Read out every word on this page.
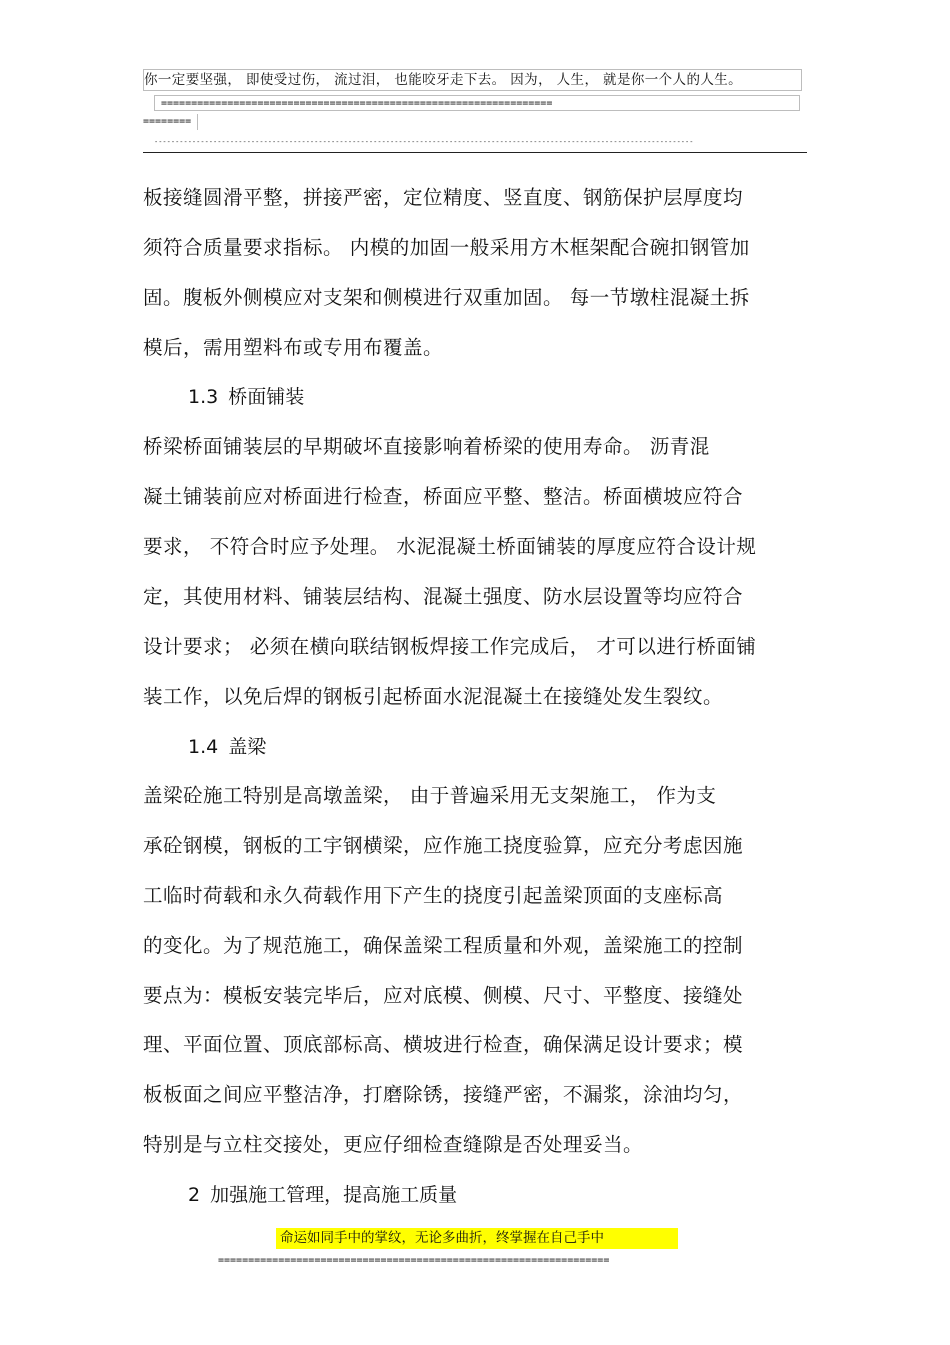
你一定要坚强， 即使受过伤， 流过泪， 也能咬牙走下去。 因为， 人生， 就是你一个人的人生。
=================================================================
========
--------------------------------------------------------------------------------------------------------------------------------
板接缝圆滑平整，拼接严密，定位精度、竖直度、钢筋保护层厚度均
须符合质量要求指标。 内模的加固一般采用方木框架配合碗扣钢管加
固。腹板外侧模应对支架和侧模进行双重加固。 每一节墩柱混凝土拆
模后，需用塑料布或专用布覆盖。
1.3 桥面铺装
桥梁桥面铺装层的早期破坏直接影响着桥梁的使用寿命。 沥青混
凝土铺装前应对桥面进行检查，桥面应平整、整洁。桥面横坡应符合
要求， 不符合时应予处理。 水泥混凝土桥面铺装的厚度应符合设计规
定，其使用材料、铺装层结构、混凝土强度、防水层设置等均应符合
设计要求； 必须在横向联结钢板焊接工作完成后， 才可以进行桥面铺
装工作，以免后焊的钢板引起桥面水泥混凝土在接缝处发生裂纹。
1.4 盖梁
盖梁砼施工特别是高墩盖梁， 由于普遍采用无支架施工， 作为支
承砼钢模，钢板的工宇钢横梁，应作施工挠度验算，应充分考虑因施
工临时荷载和永久荷载作用下产生的挠度引起盖梁顶面的支座标高
的变化。为了规范施工，确保盖梁工程质量和外观，盖梁施工的控制
要点为：模板安装完毕后，应对底模、侧模、尺寸、平整度、接缝处
理、平面位置、顶底部标高、横坡进行检查，确保满足设计要求；模
板板面之间应平整洁净，打磨除锈，接缝严密，不漏浆，涂油均匀，
特别是与立柱交接处，更应仔细检查缝隙是否处理妥当。
2 加强施工管理，提高施工质量
命运如同手中的掌纹，无论多曲折，终掌握在自己手中
=================================================================
